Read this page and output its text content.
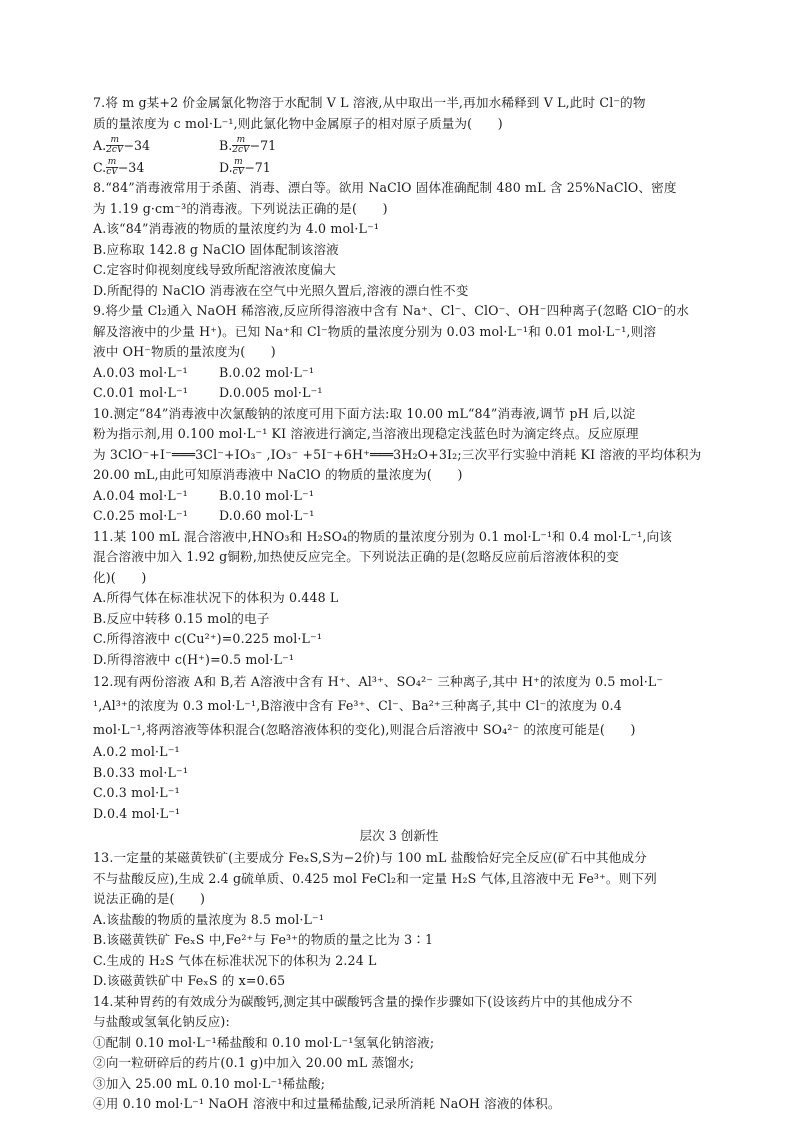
7.将 m g某+2 价金属氯化物溶于水配制 V L 溶液,从中取出一半,再加水稀释到 V L,此时 Cl⁻的物
质的量浓度为 c mol·L⁻¹,则此氯化物中金属原子的相对原子质量为(　　)
A. $\frac{m}{2cV} -34$	B. $\frac{m}{2cV} -71$
C. $\frac{m}{cV} -34$	D. $\frac{m}{cV} -71$
8.“84”消毒液常用于杀菌、消毒、漂白等。欲用 NaClO 固体准确配制 480 mL 含 25%NaClO、密度
为 1.19 g·cm⁻³的消毒液。下列说法正确的是(　　)
A.该“84”消毒液的物质的量浓度约为 4.0 mol·L⁻¹
B.应称取 142.8 g NaClO 固体配制该溶液
C.定容时仰视刻度线导致所配溶液浓度偏大
D.所配得的 NaClO 消毒液在空气中光照久置后,溶液的漂白性不变
9.将少量 Cl₂通入 NaOH 稀溶液,反应所得溶液中含有 Na⁺、Cl⁻、ClO⁻、OH⁻四种离子(忽略 ClO⁻的水
解及溶液中的少量 H⁺)。已知 Na⁺和 Cl⁻物质的量浓度分别为 0.03 mol·L⁻¹和 0.01 mol·L⁻¹,则溶
液中 OH⁻物质的量浓度为(　　)
A.0.03 mol·L⁻¹	B.0.02 mol·L⁻¹
C.0.01 mol·L⁻¹	D.0.005 mol·L⁻¹
10.测定“84”消毒液中次氯酸钠的浓度可用下面方法:取 10.00 mL“84”消毒液,调节 pH 后,以淀
粉为指示剂,用 0.100 mol·L⁻¹ KI 溶液进行滴定,当溶液出现稳定浅蓝色时为滴定终点。反应原理
为 3ClO⁻+I⁻═══3Cl⁻+IO₃⁻ ,IO₃⁻ +5I⁻+6H⁺═══3H₂O+3I₂;三次平行实验中消耗 KI 溶液的平均体积为
20.00 mL,由此可知原消毒液中 NaClO 的物质的量浓度为(　　)
A.0.04 mol·L⁻¹	B.0.10 mol·L⁻¹
C.0.25 mol·L⁻¹	D.0.60 mol·L⁻¹
11.某 100 mL 混合溶液中,HNO₃和 H₂SO₄的物质的量浓度分别为 0.1 mol·L⁻¹和 0.4 mol·L⁻¹,向该
混合溶液中加入 1.92 g铜粉,加热使反应完全。下列说法正确的是(忽略反应前后溶液体积的变
化)(　　)
A.所得气体在标准状况下的体积为 0.448 L
B.反应中转移 0.15 mol的电子
C.所得溶液中 c(Cu²⁺)=0.225 mol·L⁻¹
D.所得溶液中 c(H⁺)=0.5 mol·L⁻¹
12.现有两份溶液 A和 B,若 A溶液中含有 H⁺、Al³⁺、SO₄²⁻ 三种离子,其中 H⁺的浓度为 0.5 mol·L⁻
¹,Al³⁺的浓度为 0.3 mol·L⁻¹,B溶液中含有 Fe³⁺、Cl⁻、Ba²⁺三种离子,其中 Cl⁻的浓度为 0.4
mol·L⁻¹,将两溶液等体积混合(忽略溶液体积的变化),则混合后溶液中 SO₄²⁻ 的浓度可能是(　　)
A.0.2 mol·L⁻¹
B.0.33 mol·L⁻¹
C.0.3 mol·L⁻¹
D.0.4 mol·L⁻¹
层次 3 创新性
13.一定量的某磁黄铁矿(主要成分 FeₓS,S为−2价)与 100 mL 盐酸恰好完全反应(矿石中其他成分
不与盐酸反应),生成 2.4 g硫单质、0.425 mol FeCl₂和一定量 H₂S 气体,且溶液中无 Fe³⁺。则下列
说法正确的是(　　)
A.该盐酸的物质的量浓度为 8.5 mol·L⁻¹
B.该磁黄铁矿 FeₓS 中,Fe²⁺与 Fe³⁺的物质的量之比为 3∶1
C.生成的 H₂S 气体在标准状况下的体积为 2.24 L
D.该磁黄铁矿中 FeₓS 的 x=0.65
14.某种胃药的有效成分为碳酸钙,测定其中碳酸钙含量的操作步骤如下(设该药片中的其他成分不
与盐酸或氢氧化钠反应):
①配制 0.10 mol·L⁻¹稀盐酸和 0.10 mol·L⁻¹氢氧化钠溶液;
②向一粒研碎后的药片(0.1 g)中加入 20.00 mL 蒸馏水;
③加入 25.00 mL 0.10 mol·L⁻¹稀盐酸;
④用 0.10 mol·L⁻¹ NaOH 溶液中和过量稀盐酸,记录所消耗 NaOH 溶液的体积。
